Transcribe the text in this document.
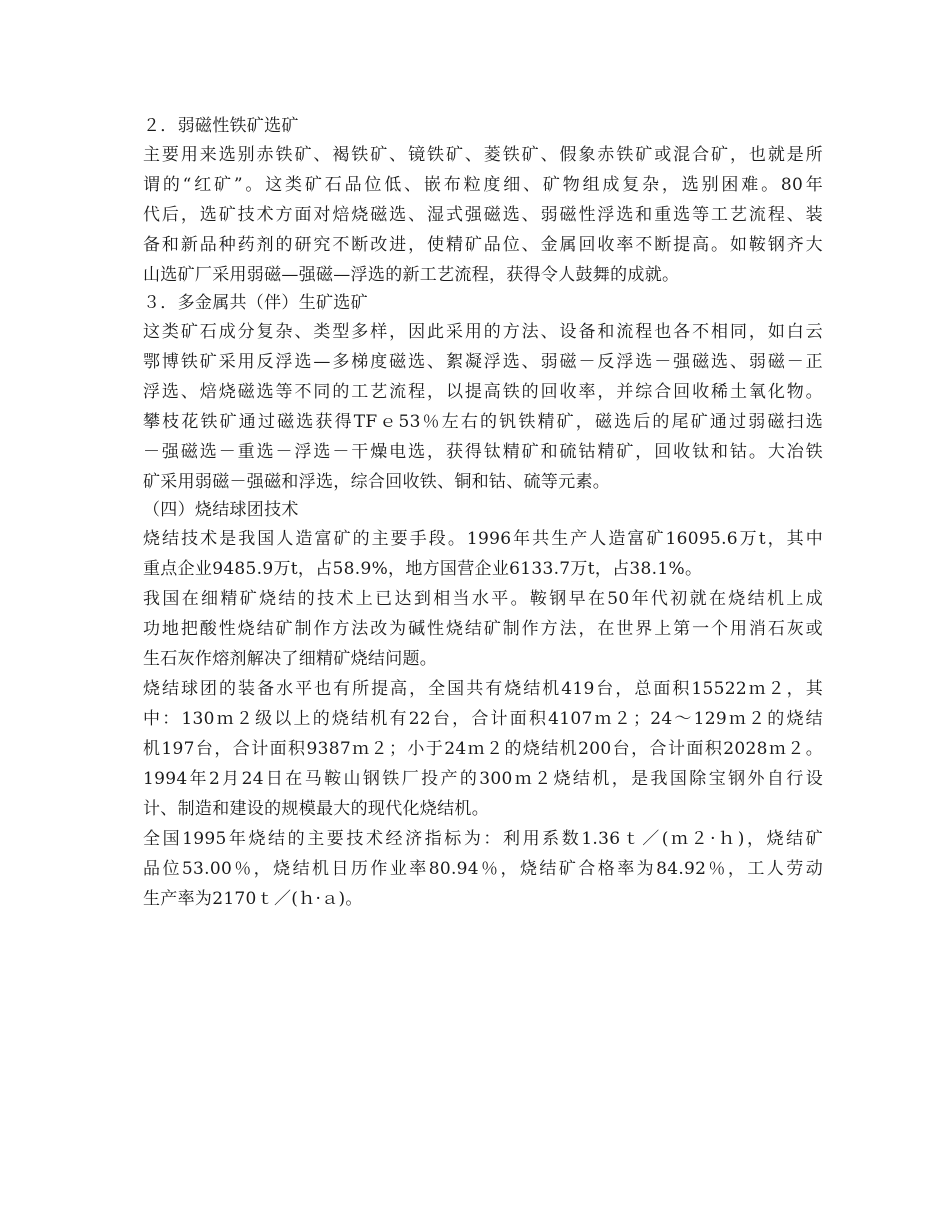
２．弱磁性铁矿选矿
主要用来选别赤铁矿、褐铁矿、镜铁矿、菱铁矿、假象赤铁矿或混合矿，也就是所
谓的“红矿”。这类矿石品位低、嵌布粒度细、矿物组成复杂，选别困难。80年
代后，选矿技术方面对焙烧磁选、湿式强磁选、弱磁性浮选和重选等工艺流程、装
备和新品种药剂的研究不断改进，使精矿品位、金属回收率不断提高。如鞍钢齐大
山选矿厂采用弱磁—强磁—浮选的新工艺流程，获得令人鼓舞的成就。
３．多金属共（伴）生矿选矿
这类矿石成分复杂、类型多样，因此采用的方法、设备和流程也各不相同，如白云
鄂博铁矿采用反浮选—多梯度磁选、絮凝浮选、弱磁－反浮选－强磁选、弱磁－正
浮选、焙烧磁选等不同的工艺流程，以提高铁的回收率，并综合回收稀土氧化物。
攀枝花铁矿通过磁选获得TFｅ53％左右的钒铁精矿，磁选后的尾矿通过弱磁扫选
－强磁选－重选－浮选－干燥电选，获得钛精矿和硫钴精矿，回收钛和钴。大冶铁
矿采用弱磁－强磁和浮选，综合回收铁、铜和钴、硫等元素。
（四）烧结球团技术
烧结技术是我国人造富矿的主要手段。1996年共生产人造富矿16095.6万t，其中
重点企业9485.9万t，占58.9%，地方国营企业6133.7万t，占38.1%。
我国在细精矿烧结的技术上已达到相当水平。鞍钢早在50年代初就在烧结机上成
功地把酸性烧结矿制作方法改为碱性烧结矿制作方法，在世界上第一个用消石灰或
生石灰作熔剂解决了细精矿烧结问题。
烧结球团的装备水平也有所提高，全国共有烧结机419台，总面积15522ｍ２，其
中：130ｍ２级以上的烧结机有22台，合计面积4107ｍ２；24～129ｍ２的烧结
机197台，合计面积9387ｍ２；小于24ｍ２的烧结机200台，合计面积2028ｍ２。
1994年2月24日在马鞍山钢铁厂投产的300ｍ２烧结机，是我国除宝钢外自行设
计、制造和建设的规模最大的现代化烧结机。
全国1995年烧结的主要技术经济指标为：利用系数1.36ｔ／(ｍ２·ｈ)，烧结矿
品位53.00％，烧结机日历作业率80.94％，烧结矿合格率为84.92％，工人劳动
生产率为2170ｔ／(ｈ·ａ)。
